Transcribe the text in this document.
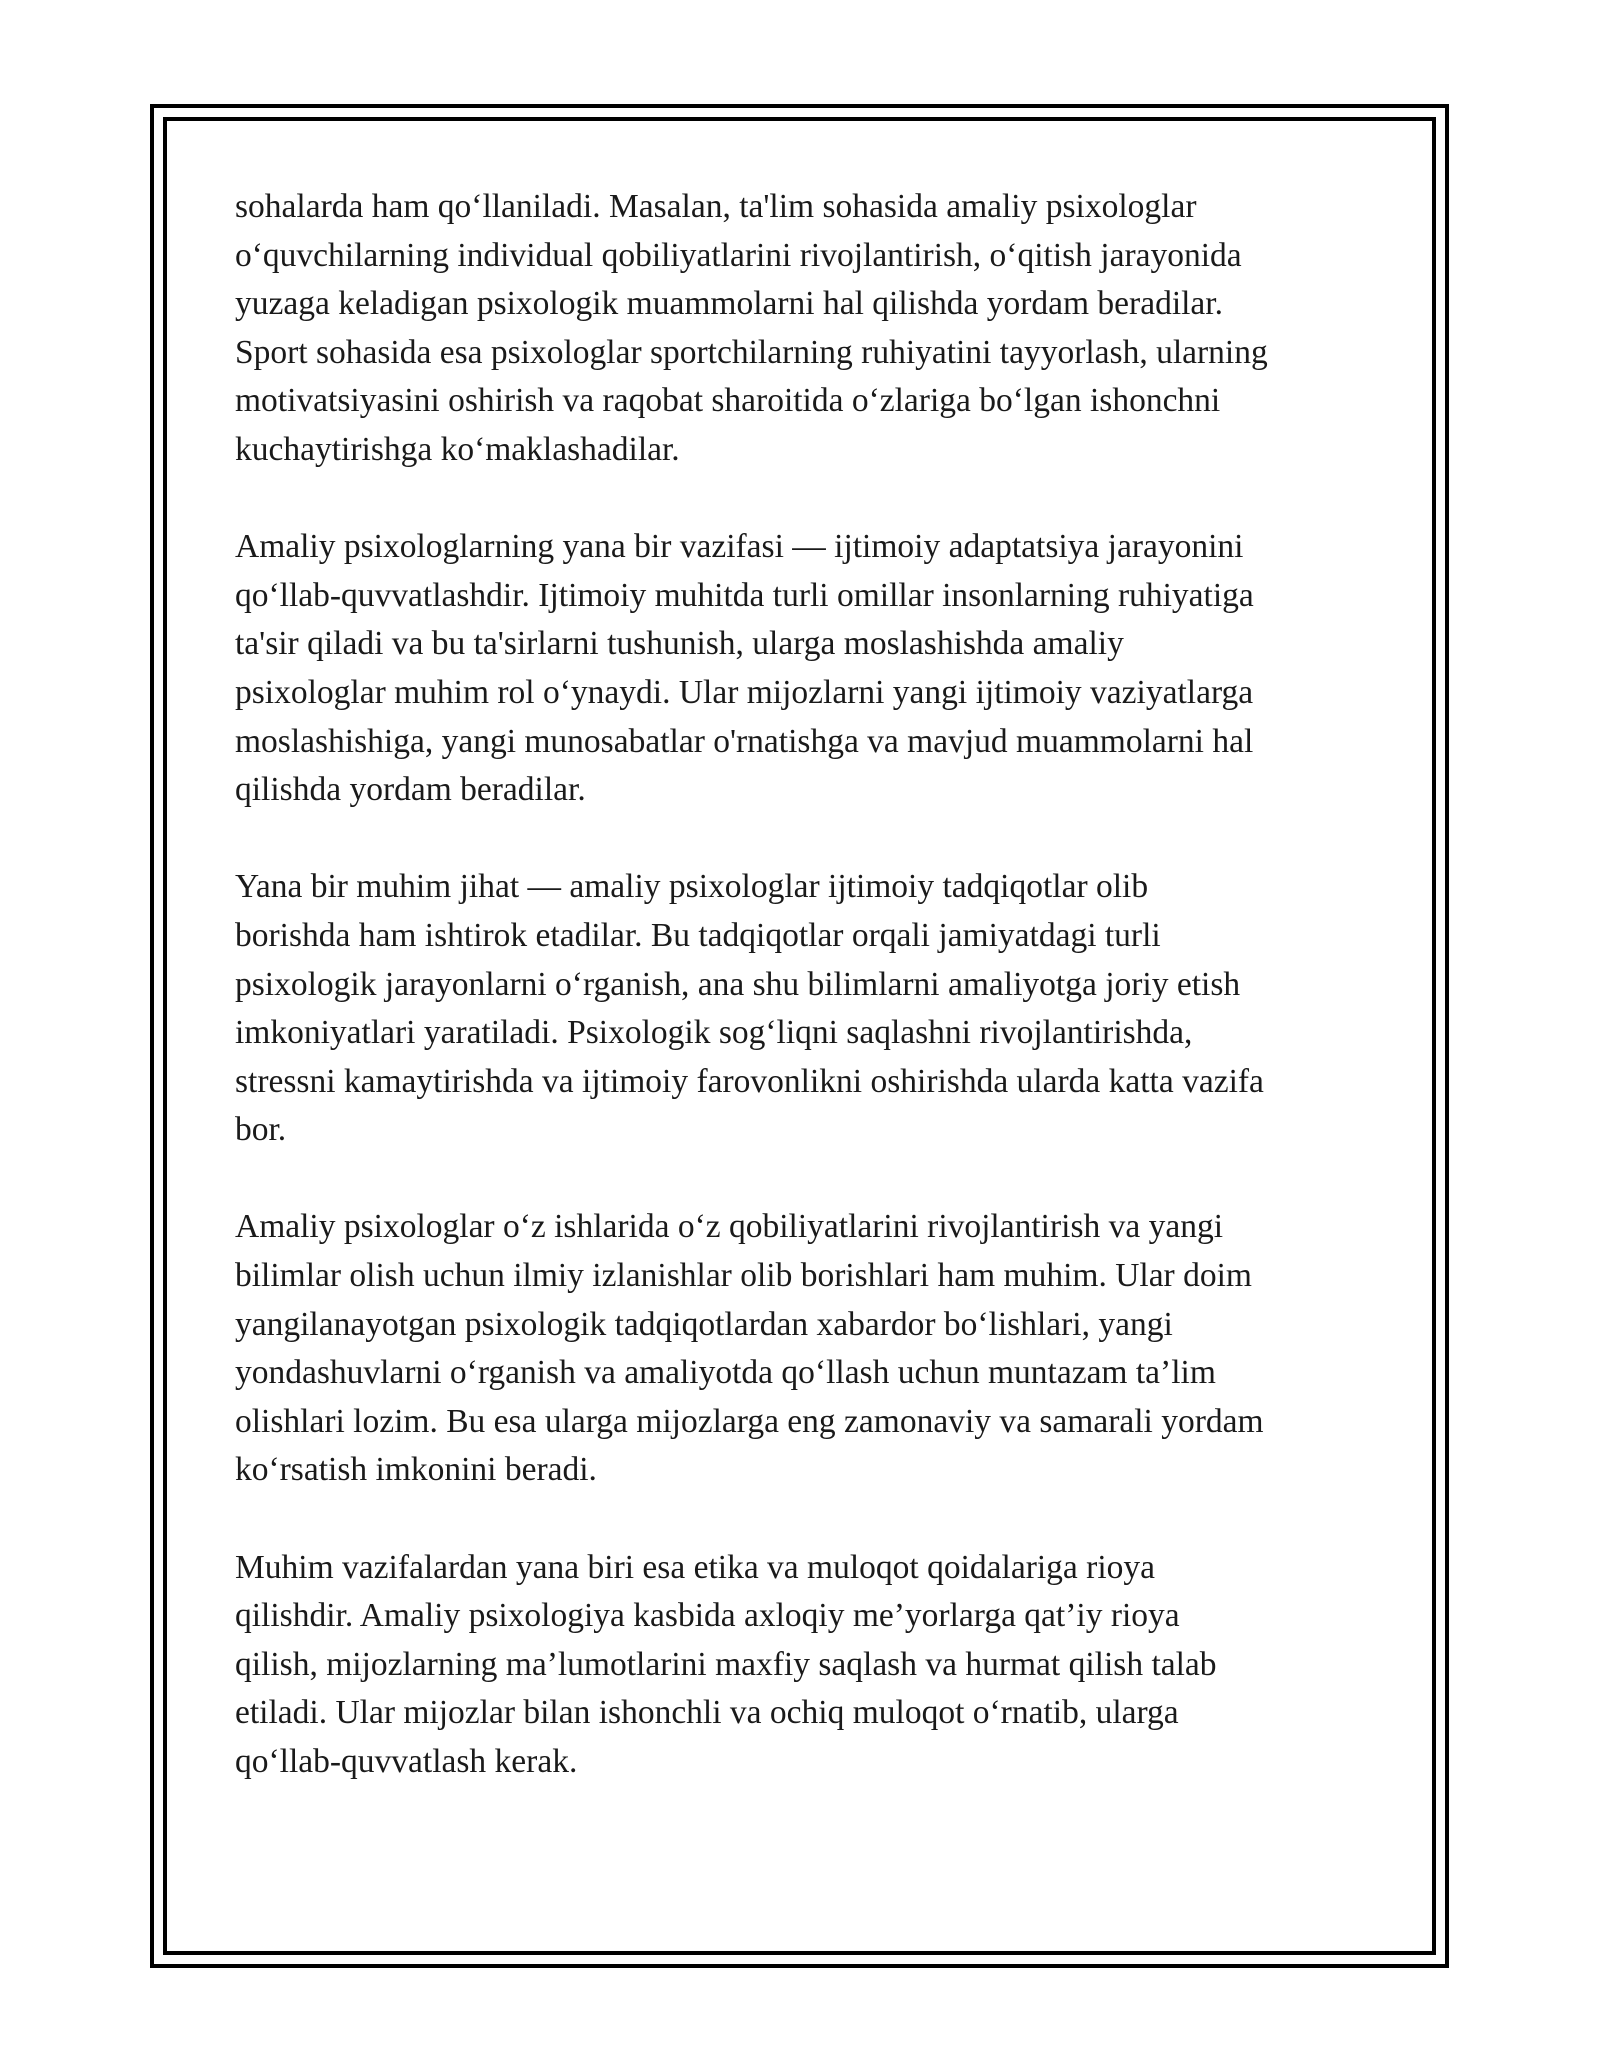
sohalarda ham qoʻllaniladi. Masalan, ta'lim sohasida amaliy psixologlar
oʻquvchilarning individual qobiliyatlarini rivojlantirish, oʻqitish jarayonida
yuzaga keladigan psixologik muammolarni hal qilishda yordam beradilar.
Sport sohasida esa psixologlar sportchilarning ruhiyatini tayyorlash, ularning
motivatsiyasini oshirish va raqobat sharoitida oʻzlariga boʻlgan ishonchni
kuchaytirishga koʻmaklashadilar.

Amaliy psixologlarning yana bir vazifasi — ijtimoiy adaptatsiya jarayonini
qoʻllab-quvvatlashdir. Ijtimoiy muhitda turli omillar insonlarning ruhiyatiga
ta'sir qiladi va bu ta'sirlarni tushunish, ularga moslashishda amaliy
psixologlar muhim rol oʻynaydi. Ular mijozlarni yangi ijtimoiy vaziyatlarga
moslashishiga, yangi munosabatlar o'rnatishga va mavjud muammolarni hal
qilishda yordam beradilar.

Yana bir muhim jihat — amaliy psixologlar ijtimoiy tadqiqotlar olib
borishda ham ishtirok etadilar. Bu tadqiqotlar orqali jamiyatdagi turli
psixologik jarayonlarni oʻrganish, ana shu bilimlarni amaliyotga joriy etish
imkoniyatlari yaratiladi. Psixologik sogʻliqni saqlashni rivojlantirishda,
stressni kamaytirishda va ijtimoiy farovonlikni oshirishda ularda katta vazifa
bor.

Amaliy psixologlar oʻz ishlarida oʻz qobiliyatlarini rivojlantirish va yangi
bilimlar olish uchun ilmiy izlanishlar olib borishlari ham muhim. Ular doim
yangilanayotgan psixologik tadqiqotlardan xabardor boʻlishlari, yangi
yondashuvlarni oʻrganish va amaliyotda qoʻllash uchun muntazam ta’lim
olishlari lozim. Bu esa ularga mijozlarga eng zamonaviy va samarali yordam
koʻrsatish imkonini beradi.

Muhim vazifalardan yana biri esa etika va muloqot qoidalariga rioya
qilishdir. Amaliy psixologiya kasbida axloqiy me’yorlarga qat’iy rioya
qilish, mijozlarning ma’lumotlarini maxfiy saqlash va hurmat qilish talab
etiladi. Ular mijozlar bilan ishonchli va ochiq muloqot oʻrnatib, ularga
qoʻllab-quvvatlash kerak.
